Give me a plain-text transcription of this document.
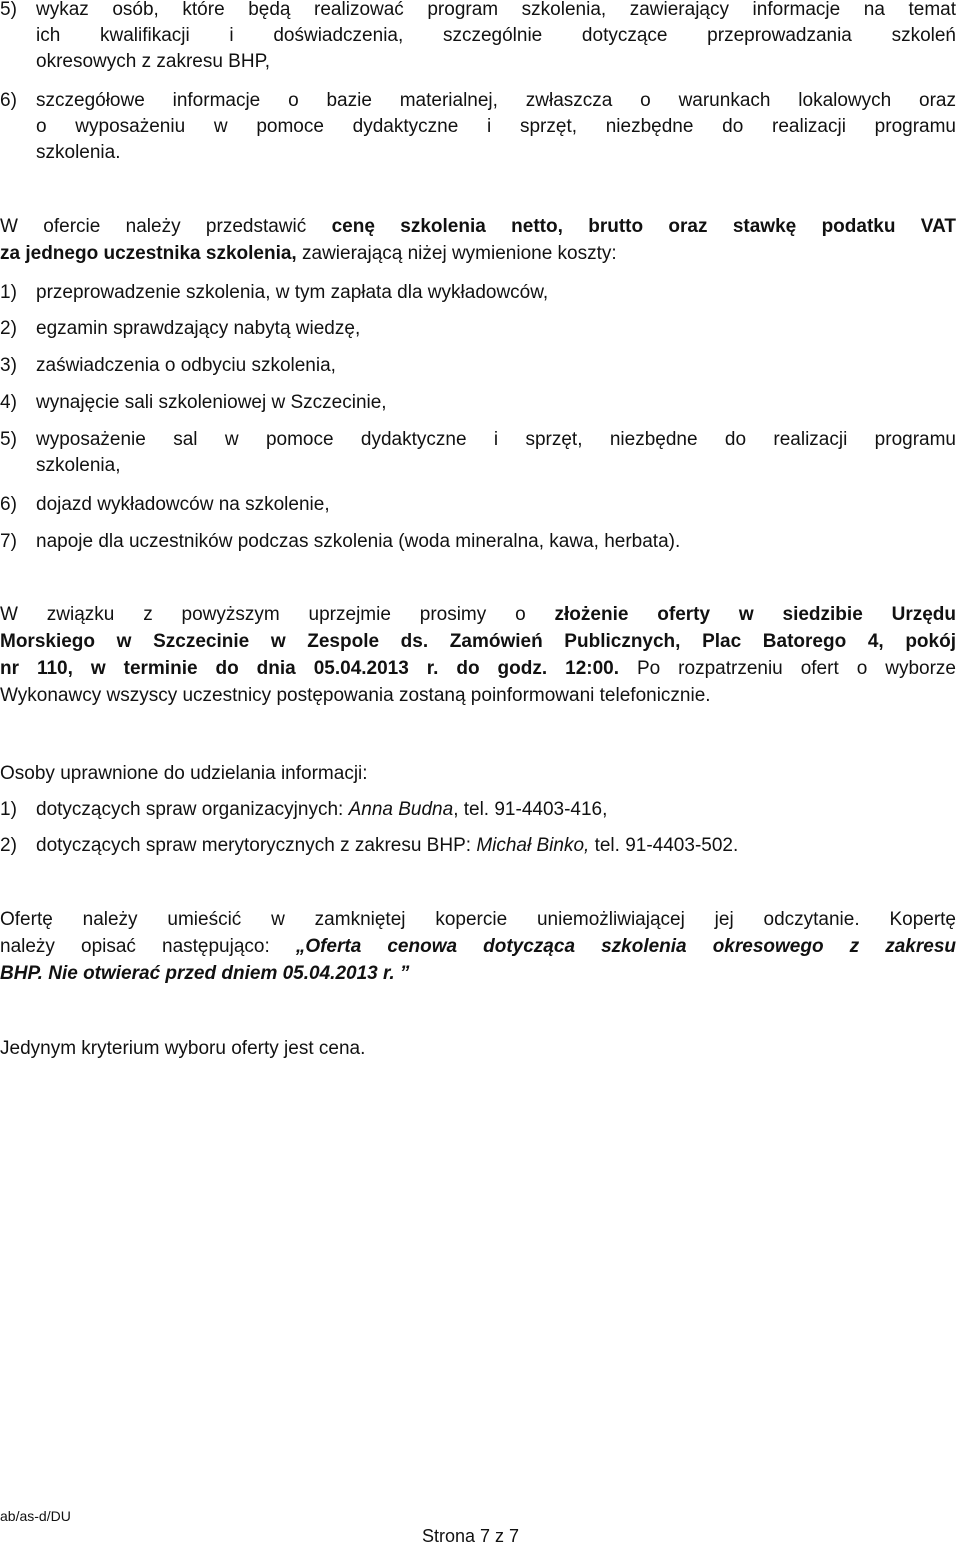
5) wykaz osób, które będą realizować program szkolenia, zawierający informacje na temat
ich kwalifikacji i doświadczenia, szczególnie dotyczące przeprowadzania szkoleń
okresowych z zakresu BHP,
6) szczegółowe informacje o bazie materialnej, zwłaszcza o warunkach lokalowych oraz
o wyposażeniu w pomoce dydaktyczne i sprzęt, niezbędne do realizacji programu
szkolenia.
W ofercie należy przedstawić cenę szkolenia netto, brutto oraz stawkę podatku VAT
za jednego uczestnika szkolenia, zawierającą niżej wymienione koszty:
1) przeprowadzenie szkolenia, w tym zapłata dla wykładowców,
2) egzamin sprawdzający nabytą wiedzę,
3) zaświadczenia o odbyciu szkolenia,
4) wynajęcie sali szkoleniowej w Szczecinie,
5) wyposażenie sal w pomoce dydaktyczne i sprzęt, niezbędne do realizacji programu
szkolenia,
6) dojazd wykładowców na szkolenie,
7) napoje dla uczestników podczas szkolenia (woda mineralna, kawa, herbata).
W związku z powyższym uprzejmie prosimy o złożenie oferty w siedzibie Urzędu
Morskiego w Szczecinie w Zespole ds. Zamówień Publicznych, Plac Batorego 4, pokój
nr 110, w terminie do dnia 05.04.2013 r. do godz. 12:00. Po rozpatrzeniu ofert o wyborze
Wykonawcy wszyscy uczestnicy postępowania zostaną poinformowani telefonicznie.
Osoby uprawnione do udzielania informacji:
1) dotyczących spraw organizacyjnych: Anna Budna, tel. 91-4403-416,
2) dotyczących spraw merytorycznych z zakresu BHP: Michał Binko, tel. 91-4403-502.
Ofertę należy umieścić w zamkniętej kopercie uniemożliwiającej jej odczytanie. Kopertę
należy opisać następująco: „Oferta cenowa dotycząca szkolenia okresowego z zakresu
BHP. Nie otwierać przed dniem 05.04.2013 r. ”
Jedynym kryterium wyboru oferty jest cena.
ab/as-d/DU
Strona 7 z 7
